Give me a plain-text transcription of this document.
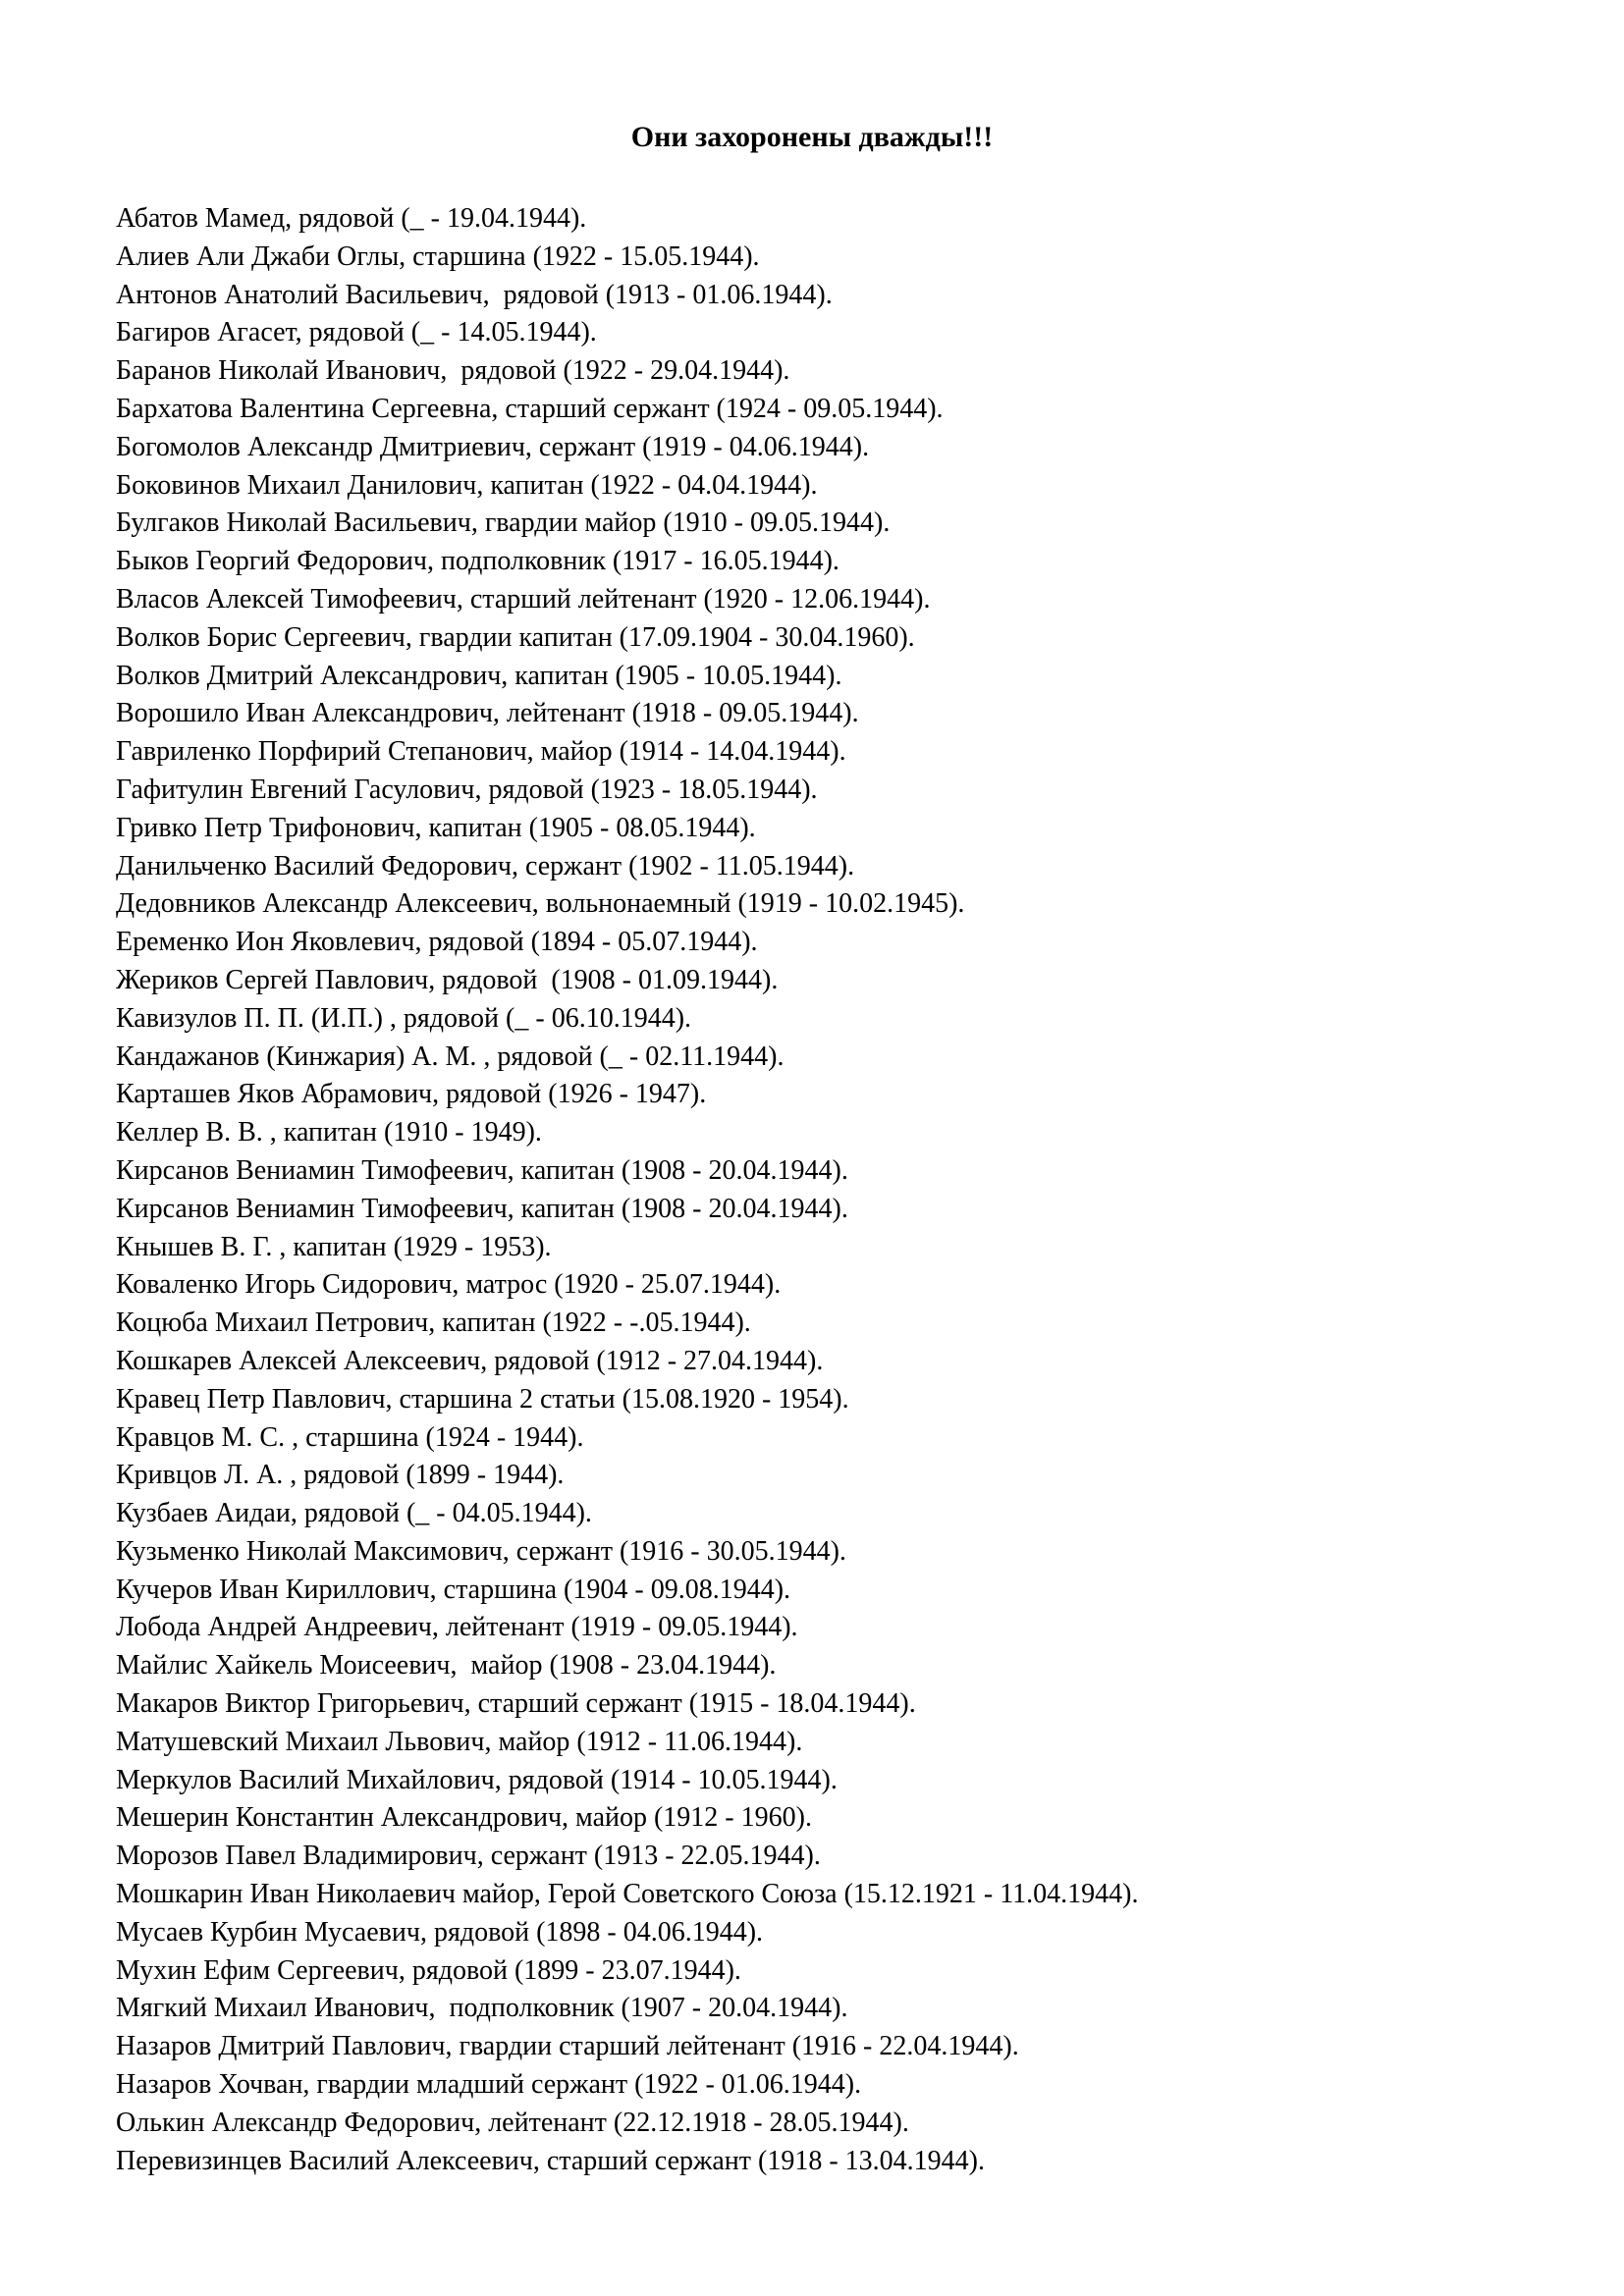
Они захоронены дважды!!!
Абатов Мамед, рядовой (_ - 19.04.1944).
Алиев Али Джаби Оглы, старшина (1922 - 15.05.1944).
Антонов Анатолий Васильевич,  рядовой (1913 - 01.06.1944).
Багиров Агасет, рядовой (_ - 14.05.1944).
Баранов Николай Иванович,  рядовой (1922 - 29.04.1944).
Бархатова Валентина Сергеевна, старший сержант (1924 - 09.05.1944).
Богомолов Александр Дмитриевич, сержант (1919 - 04.06.1944).
Боковинов Михаил Данилович, капитан (1922 - 04.04.1944).
Булгаков Николай Васильевич, гвардии майор (1910 - 09.05.1944).
Быков Георгий Федорович, подполковник (1917 - 16.05.1944).
Власов Алексей Тимофеевич, старший лейтенант (1920 - 12.06.1944).
Волков Борис Сергеевич, гвардии капитан (17.09.1904 - 30.04.1960).
Волков Дмитрий Александрович, капитан (1905 - 10.05.1944).
Ворошило Иван Александрович, лейтенант (1918 - 09.05.1944).
Гавриленко Порфирий Степанович, майор (1914 - 14.04.1944).
Гафитулин Евгений Гасулович, рядовой (1923 - 18.05.1944).
Гривко Петр Трифонович, капитан (1905 - 08.05.1944).
Данильченко Василий Федорович, сержант (1902 - 11.05.1944).
Дедовников Александр Алексеевич, вольнонаемный (1919 - 10.02.1945).
Еременко Ион Яковлевич, рядовой (1894 - 05.07.1944).
Жериков Сергей Павлович, рядовой  (1908 - 01.09.1944).
Кавизулов П. П. (И.П.) , рядовой (_ - 06.10.1944).
Кандажанов (Кинжария) А. М. , рядовой (_ - 02.11.1944).
Карташев Яков Абрамович, рядовой (1926 - 1947).
Келлер В. В. , капитан (1910 - 1949).
Кирсанов Вениамин Тимофеевич, капитан (1908 - 20.04.1944).
Кирсанов Вениамин Тимофеевич, капитан (1908 - 20.04.1944).
Кнышев В. Г. , капитан (1929 - 1953).
Коваленко Игорь Сидорович, матрос (1920 - 25.07.1944).
Коцюба Михаил Петрович, капитан (1922 - -.05.1944).
Кошкарев Алексей Алексеевич, рядовой (1912 - 27.04.1944).
Кравец Петр Павлович, старшина 2 статьи (15.08.1920 - 1954).
Кравцов М. С. , старшина (1924 - 1944).
Кривцов Л. А. , рядовой (1899 - 1944).
Кузбаев Аидаи, рядовой (_ - 04.05.1944).
Кузьменко Николай Максимович, сержант (1916 - 30.05.1944).
Кучеров Иван Кириллович, старшина (1904 - 09.08.1944).
Лобода Андрей Андреевич, лейтенант (1919 - 09.05.1944).
Майлис Хайкель Моисеевич,  майор (1908 - 23.04.1944).
Макаров Виктор Григорьевич, старший сержант (1915 - 18.04.1944).
Матушевский Михаил Львович, майор (1912 - 11.06.1944).
Меркулов Василий Михайлович, рядовой (1914 - 10.05.1944).
Мешерин Константин Александрович, майор (1912 - 1960).
Морозов Павел Владимирович, сержант (1913 - 22.05.1944).
Мошкарин Иван Николаевич майор, Герой Советского Союза (15.12.1921 - 11.04.1944).
Мусаев Курбин Мусаевич, рядовой (1898 - 04.06.1944).
Мухин Ефим Сергеевич, рядовой (1899 - 23.07.1944).
Мягкий Михаил Иванович,  подполковник (1907 - 20.04.1944).
Назаров Дмитрий Павлович, гвардии старший лейтенант (1916 - 22.04.1944).
Назаров Хочван, гвардии младший сержант (1922 - 01.06.1944).
Олькин Александр Федорович, лейтенант (22.12.1918 - 28.05.1944).
Перевизинцев Василий Алексеевич, старший сержант (1918 - 13.04.1944).
